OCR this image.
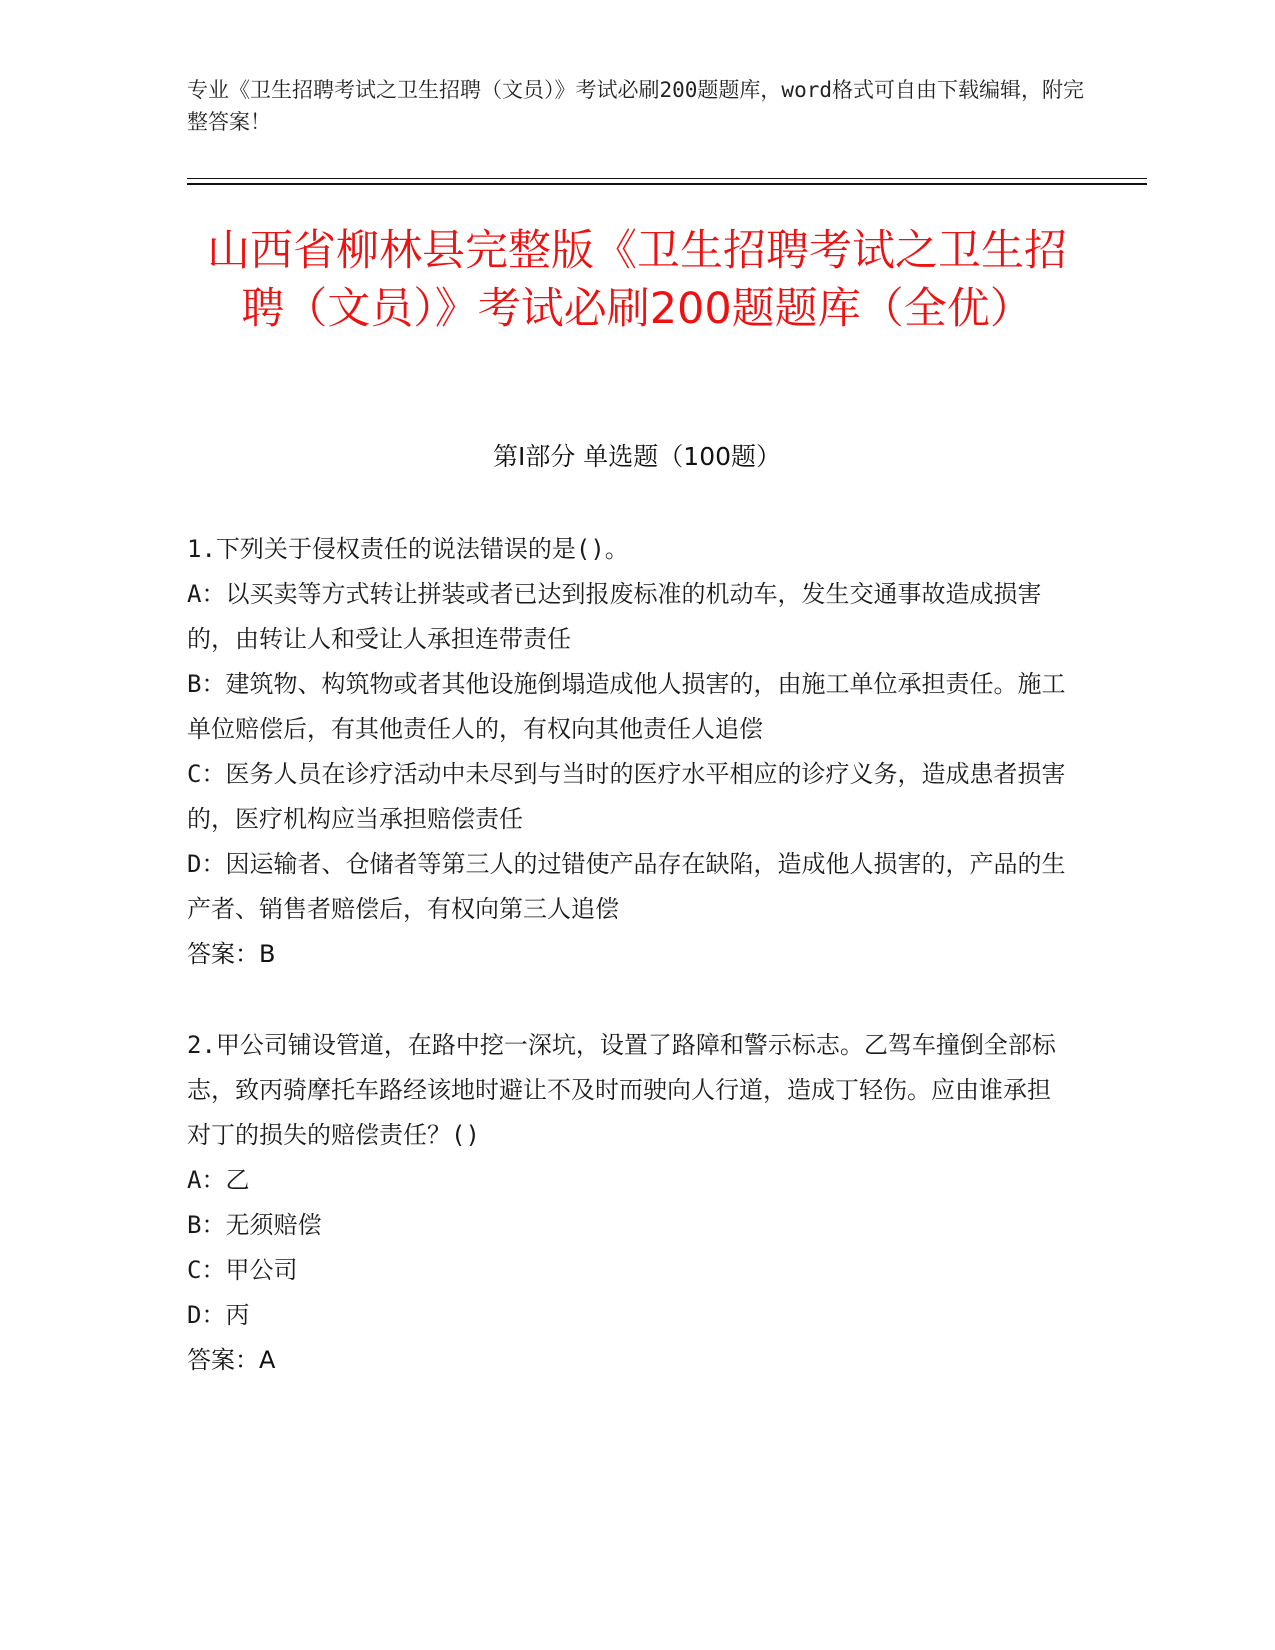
专业《卫生招聘考试之卫生招聘（文员）》考试必刷200题题库，word格式可自由下载编辑，附完整答案！
山西省柳林县完整版《卫生招聘考试之卫生招聘（文员）》考试必刷200题题库（全优）
第I部分 单选题（100题）

1.下列关于侵权责任的说法错误的是()。

A：以买卖等方式转让拼装或者已达到报废标准的机动车，发生交通事故造成损害的，由转让人和受让人承担连带责任

B：建筑物、构筑物或者其他设施倒塌造成他人损害的，由施工单位承担责任。施工单位赔偿后，有其他责任人的，有权向其他责任人追偿

C：医务人员在诊疗活动中未尽到与当时的医疗水平相应的诊疗义务，造成患者损害的，医疗机构应当承担赔偿责任

D：因运输者、仓储者等第三人的过错使产品存在缺陷，造成他人损害的，产品的生产者、销售者赔偿后，有权向第三人追偿

答案：B

2.甲公司铺设管道，在路中挖一深坑，设置了路障和警示标志。乙驾车撞倒全部标志，致丙骑摩托车路经该地时避让不及时而驶向人行道，造成丁轻伤。应由谁承担对丁的损失的赔偿责任？()

A：乙

B：无须赔偿

C：甲公司

D：丙

答案：A
